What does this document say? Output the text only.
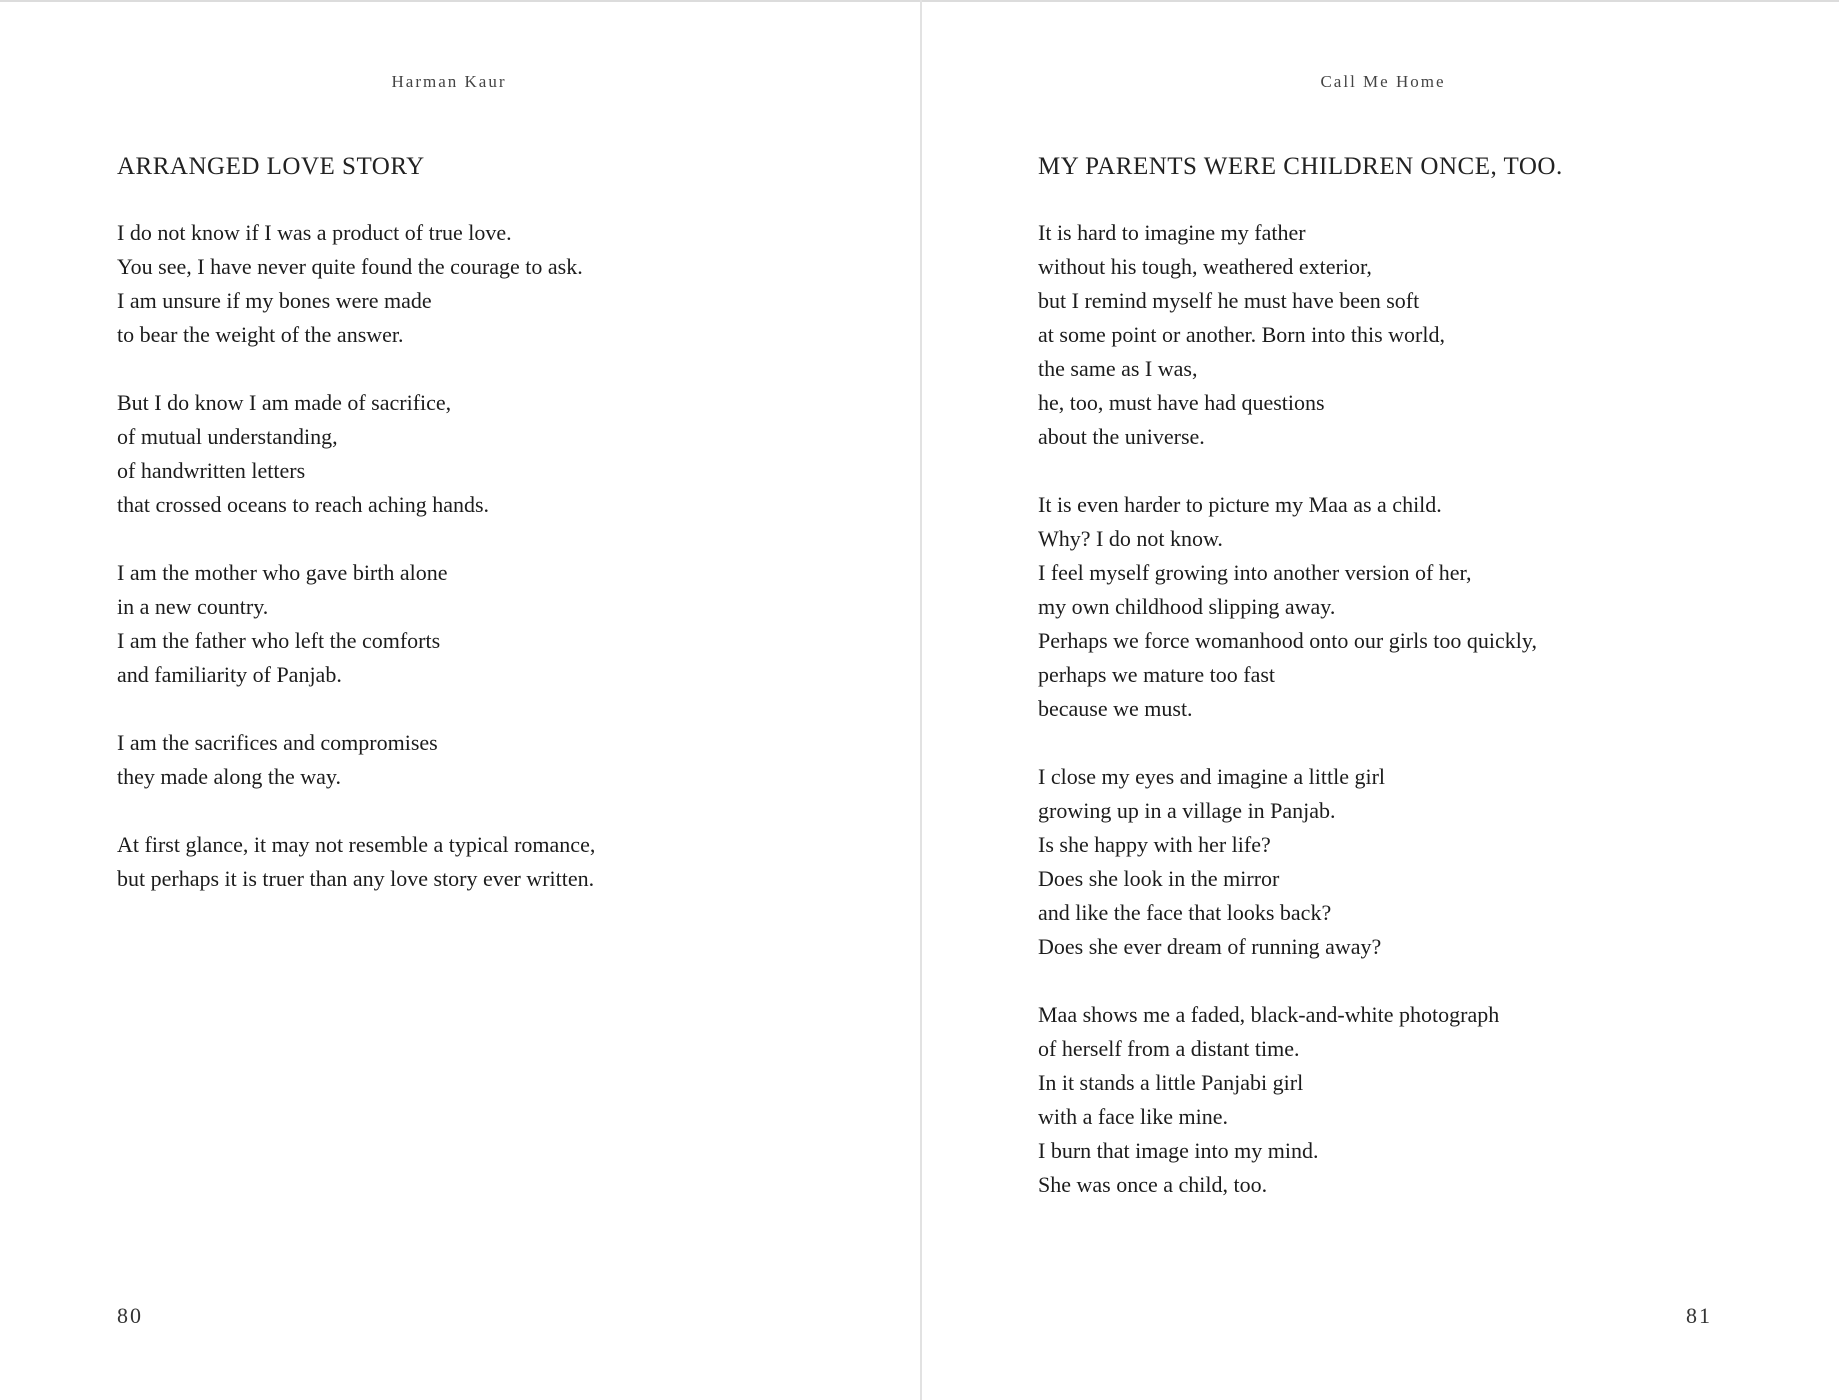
Harman Kaur
ARRANGED LOVE STORY
I do not know if I was a product of true love.
You see, I have never quite found the courage to ask.
I am unsure if my bones were made
to bear the weight of the answer.
But I do know I am made of sacrifice,
of mutual understanding,
of handwritten letters
that crossed oceans to reach aching hands.
I am the mother who gave birth alone
in a new country.
I am the father who left the comforts
and familiarity of Panjab.
I am the sacrifices and compromises
they made along the way.
At first glance, it may not resemble a typical romance,
but perhaps it is truer than any love story ever written.
80
Call Me Home
MY PARENTS WERE CHILDREN ONCE, TOO.
It is hard to imagine my father
without his tough, weathered exterior,
but I remind myself he must have been soft
at some point or another. Born into this world,
the same as I was,
he, too, must have had questions
about the universe.
It is even harder to picture my Maa as a child.
Why? I do not know.
I feel myself growing into another version of her,
my own childhood slipping away.
Perhaps we force womanhood onto our girls too quickly,
perhaps we mature too fast
because we must.
I close my eyes and imagine a little girl
growing up in a village in Panjab.
Is she happy with her life?
Does she look in the mirror
and like the face that looks back?
Does she ever dream of running away?
Maa shows me a faded, black-and-white photograph
of herself from a distant time.
In it stands a little Panjabi girl
with a face like mine.
I burn that image into my mind.
She was once a child, too.
81
